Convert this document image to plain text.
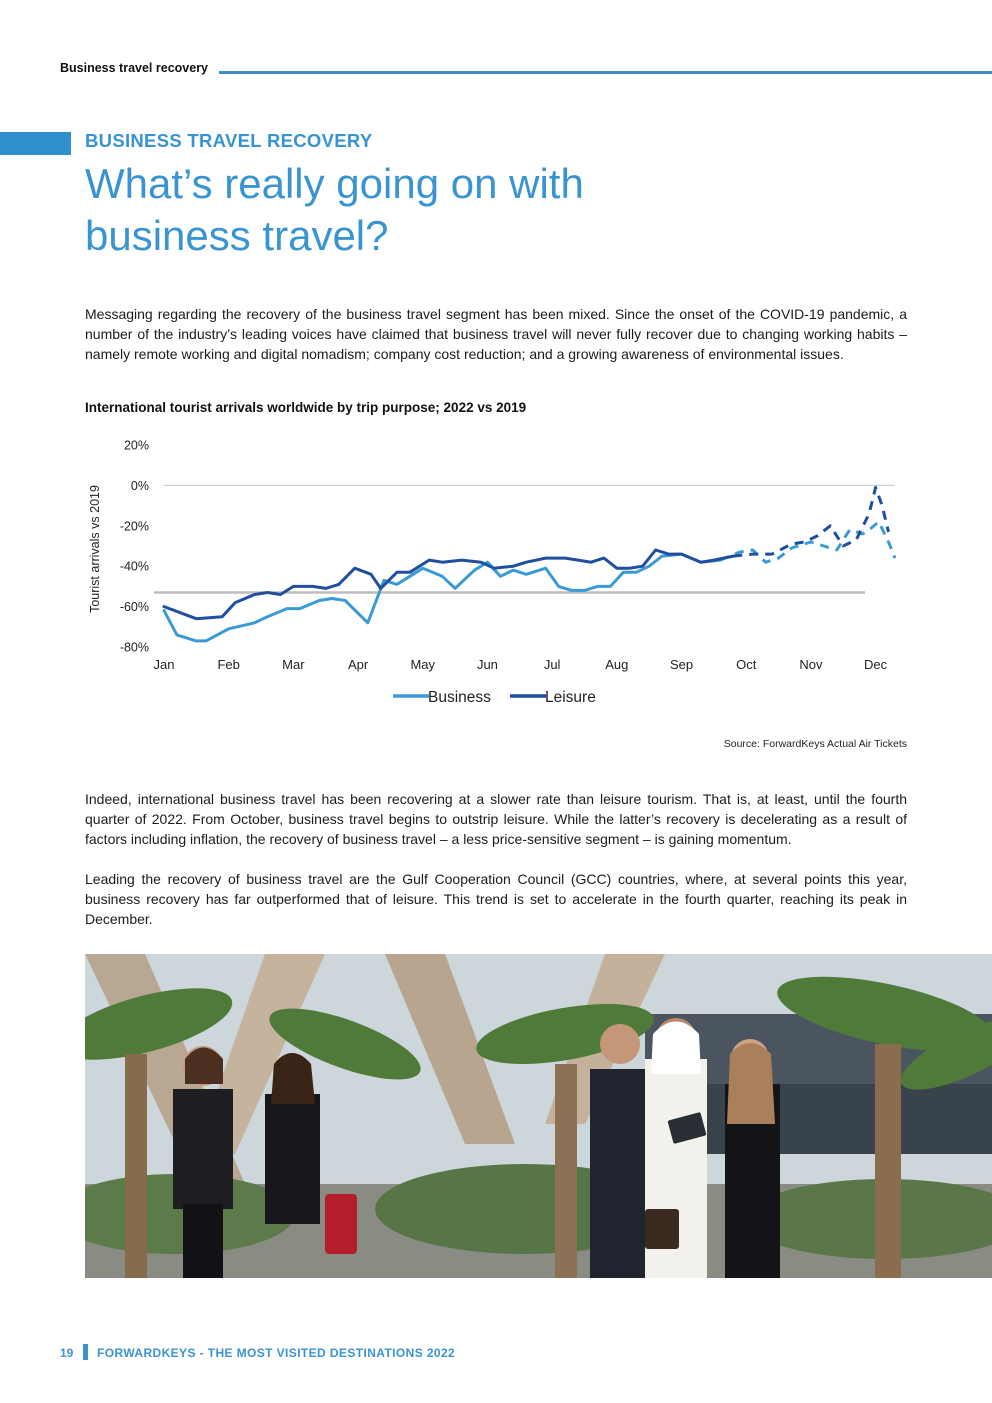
Business travel recovery
BUSINESS TRAVEL RECOVERY
What’s really going on with business travel?

Messaging regarding the recovery of the business travel segment has been mixed. Since the onset of the COVID-19 pandemic, a number of the industry’s leading voices have claimed that business travel will never fully recover due to changing working habits – namely remote working and digital nomadism; company cost reduction; and a growing awareness of environmental issues.

International tourist arrivals worldwide by trip purpose; 2022 vs 2019
20%
0%
-20%
-40%
-60%
-80%
Jan	Feb	Mar	Apr	May	Jun	Jul	Aug	Sep	Oct	Nov	Dec
Tourist arrivals vs 2019
Business	Leisure
Source: ForwardKeys Actual Air Tickets

Indeed, international business travel has been recovering at a slower rate than leisure tourism. That is, at least, until the fourth quarter of 2022. From October, business travel begins to outstrip leisure. While the latter’s recovery is decelerating as a result of factors including inflation, the recovery of business travel – a less price-sensitive segment – is gaining momentum.

Leading the recovery of business travel are the Gulf Cooperation Council (GCC) countries, where, at several points this year, business recovery has far outperformed that of leisure. This trend is set to accelerate in the fourth quarter, reaching its peak in December.

19 FORWARDKEYS - THE MOST VISITED DESTINATIONS 2022
